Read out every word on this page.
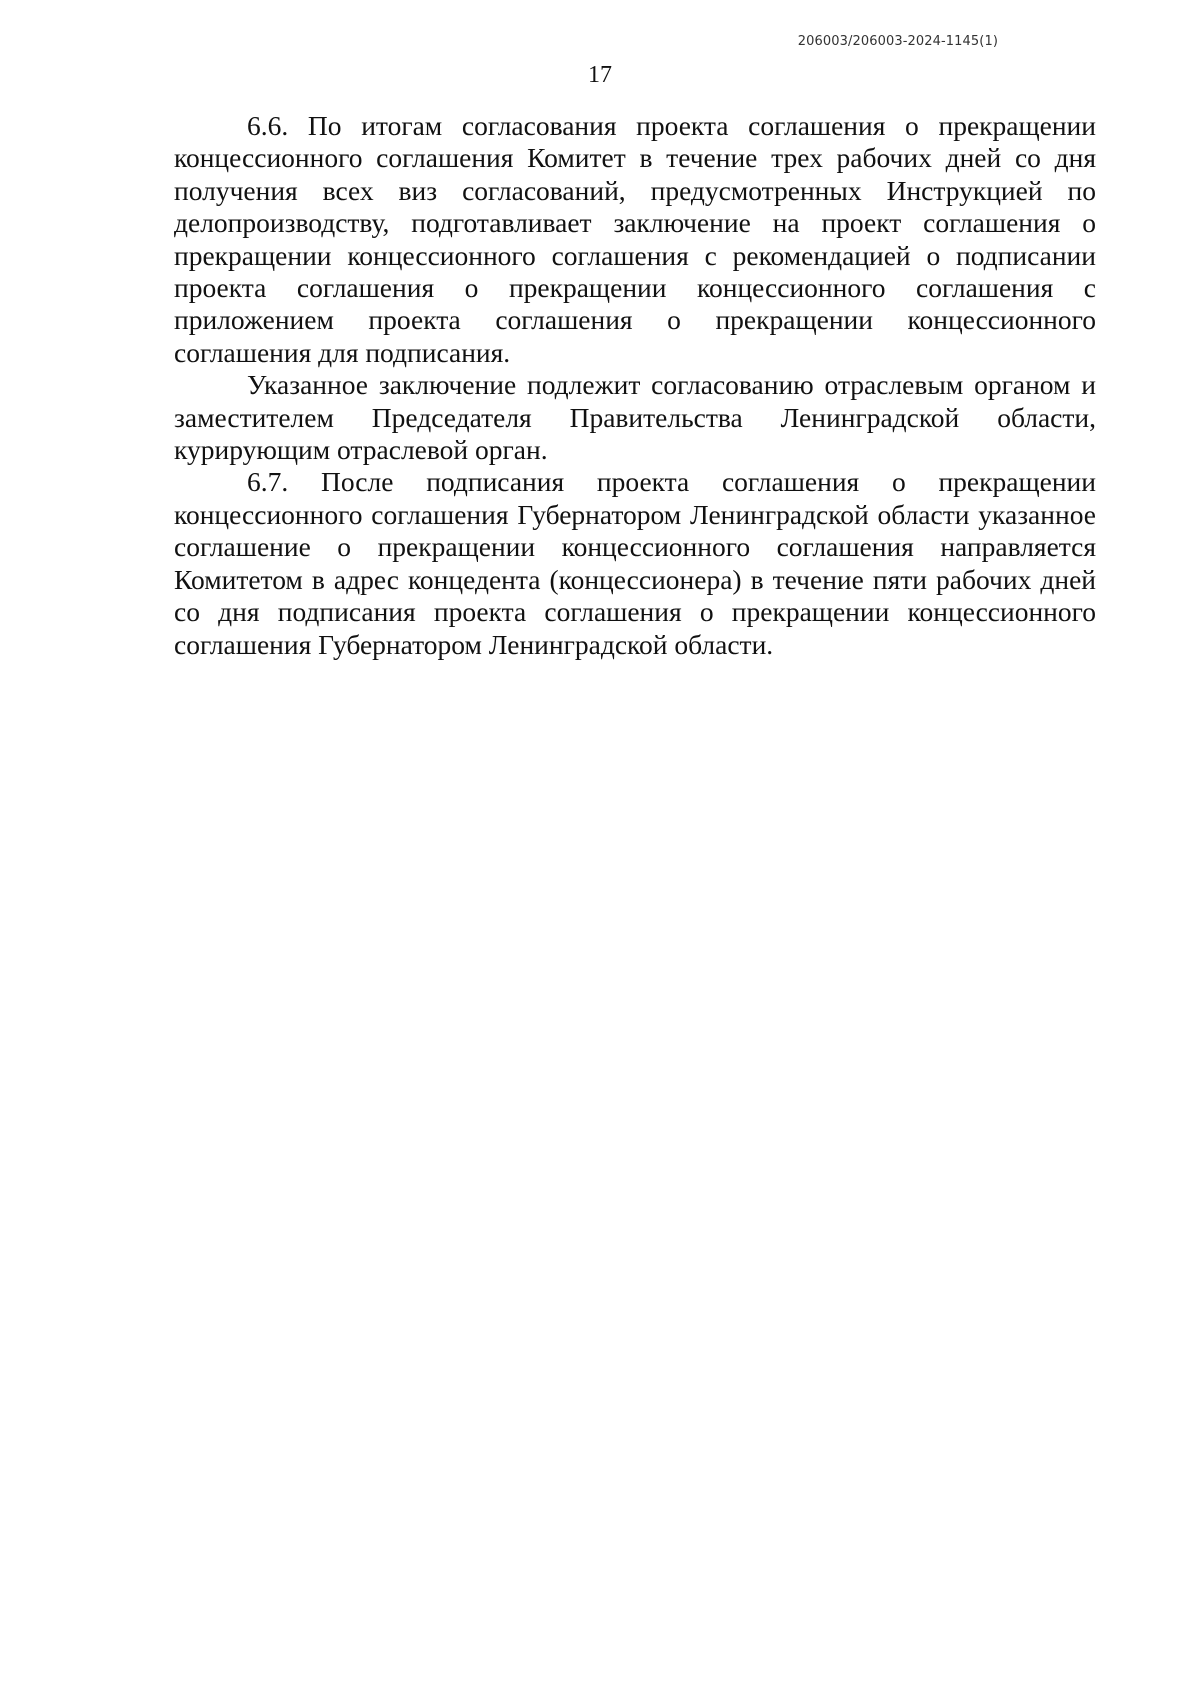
206003/206003-2024-1145(1)
17

6.6. По итогам согласования проекта соглашения о прекращении концессионного соглашения Комитет в течение трех рабочих дней со дня получения всех виз согласований, предусмотренных Инструкцией по делопроизводству, подготавливает заключение на проект соглашения о прекращении концессионного соглашения с рекомендацией о подписании проекта соглашения о прекращении концессионного соглашения с приложением проекта соглашения о прекращении концессионного соглашения для подписания.

Указанное заключение подлежит согласованию отраслевым органом и заместителем Председателя Правительства Ленинградской области, курирующим отраслевой орган.

6.7. После подписания проекта соглашения о прекращении концессионного соглашения Губернатором Ленинградской области указанное соглашение о прекращении концессионного соглашения направляется Комитетом в адрес концедента (концессионера) в течение пяти рабочих дней со дня подписания проекта соглашения о прекращении концессионного соглашения Губернатором Ленинградской области.
